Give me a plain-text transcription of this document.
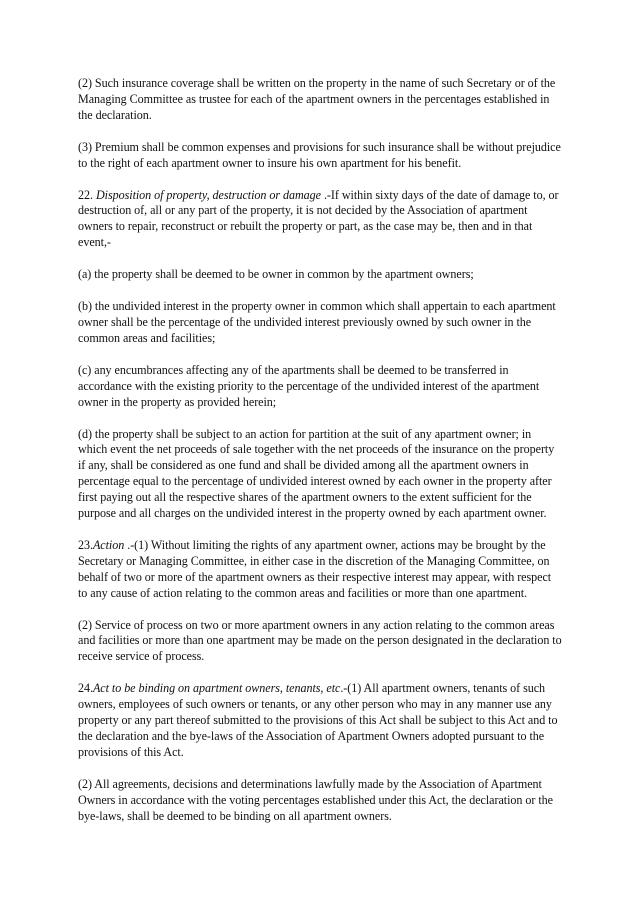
(2) Such insurance coverage shall be written on the property in the name of such Secretary or of the Managing Committee as trustee for each of the apartment owners in the percentages established in the declaration.

(3) Premium shall be common expenses and provisions for such insurance shall be without prejudice to the right of each apartment owner to insure his own apartment for his benefit.

22. Disposition of property, destruction or damage .-If within sixty days of the date of damage to, or destruction of, all or any part of the property, it is not decided by the Association of apartment owners to repair, reconstruct or rebuilt the property or part, as the case may be, then and in that event,-

(a) the property shall be deemed to be owner in common by the apartment owners;

(b) the undivided interest in the property owner in common which shall appertain to each apartment owner shall be the percentage of the undivided interest previously owned by such owner in the common areas and facilities;

(c) any encumbrances affecting any of the apartments shall be deemed to be transferred in accordance with the existing priority to the percentage of the undivided interest of the apartment owner in the property as provided herein;

(d) the property shall be subject to an action for partition at the suit of any apartment owner; in which event the net proceeds of sale together with the net proceeds of the insurance on the property if any, shall be considered as one fund and shall be divided among all the apartment owners in percentage equal to the percentage of undivided interest owned by each owner in the property after first paying out all the respective shares of the apartment owners to the extent sufficient for the purpose and all charges on the undivided interest in the property owned by each apartment owner.

23.Action .-(1) Without limiting the rights of any apartment owner, actions may be brought by the Secretary or Managing Committee, in either case in the discretion of the Managing Committee, on behalf of two or more of the apartment owners as their respective interest may appear, with respect to any cause of action relating to the common areas and facilities or more than one apartment.

(2) Service of process on two or more apartment owners in any action relating to the common areas and facilities or more than one apartment may be made on the person designated in the declaration to receive service of process.

24.Act to be binding on apartment owners, tenants, etc.-(1) All apartment owners, tenants of such owners, employees of such owners or tenants, or any other person who may in any manner use any property or any part thereof submitted to the provisions of this Act shall be subject to this Act and to the declaration and the bye-laws of the Association of Apartment Owners adopted pursuant to the provisions of this Act.

(2) All agreements, decisions and determinations lawfully made by the Association of Apartment Owners in accordance with the voting percentages established under this Act, the declaration or the bye-laws, shall be deemed to be binding on all apartment owners.
